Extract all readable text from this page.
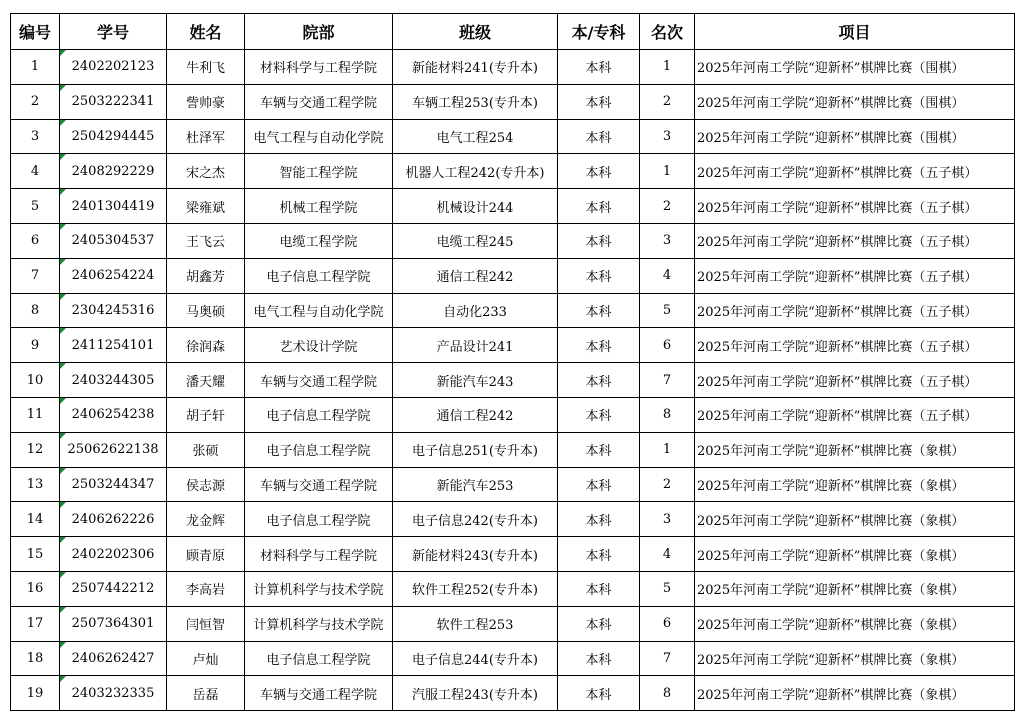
编号	学号	姓名	院部	班级	本/专科	名次	项目
1	2402202123	牛利飞	材料科学与工程学院	新能材料241(专升本)	本科	1	2025年河南工学院“迎新杯”棋牌比赛（围棋）
2	2503222341	訾帅豪	车辆与交通工程学院	车辆工程253(专升本)	本科	2	2025年河南工学院“迎新杯”棋牌比赛（围棋）
3	2504294445	杜泽军	电气工程与自动化学院	电气工程254	本科	3	2025年河南工学院“迎新杯”棋牌比赛（围棋）
4	2408292229	宋之杰	智能工程学院	机器人工程242(专升本)	本科	1	2025年河南工学院“迎新杯”棋牌比赛（五子棋）
5	2401304419	梁雍斌	机械工程学院	机械设计244	本科	2	2025年河南工学院“迎新杯”棋牌比赛（五子棋）
6	2405304537	王飞云	电缆工程学院	电缆工程245	本科	3	2025年河南工学院“迎新杯”棋牌比赛（五子棋）
7	2406254224	胡鑫芳	电子信息工程学院	通信工程242	本科	4	2025年河南工学院“迎新杯”棋牌比赛（五子棋）
8	2304245316	马奥硕	电气工程与自动化学院	自动化233	本科	5	2025年河南工学院“迎新杯”棋牌比赛（五子棋）
9	2411254101	徐润森	艺术设计学院	产品设计241	本科	6	2025年河南工学院“迎新杯”棋牌比赛（五子棋）
10	2403244305	潘天耀	车辆与交通工程学院	新能汽车243	本科	7	2025年河南工学院“迎新杯”棋牌比赛（五子棋）
11	2406254238	胡子轩	电子信息工程学院	通信工程242	本科	8	2025年河南工学院“迎新杯”棋牌比赛（五子棋）
12	25062622138	张硕	电子信息工程学院	电子信息251(专升本)	本科	1	2025年河南工学院“迎新杯”棋牌比赛（象棋）
13	2503244347	侯志源	车辆与交通工程学院	新能汽车253	本科	2	2025年河南工学院“迎新杯”棋牌比赛（象棋）
14	2406262226	龙金辉	电子信息工程学院	电子信息242(专升本)	本科	3	2025年河南工学院“迎新杯”棋牌比赛（象棋）
15	2402202306	顾青原	材料科学与工程学院	新能材料243(专升本)	本科	4	2025年河南工学院“迎新杯”棋牌比赛（象棋）
16	2507442212	李高岩	计算机科学与技术学院	软件工程252(专升本)	本科	5	2025年河南工学院“迎新杯”棋牌比赛（象棋）
17	2507364301	闫恒智	计算机科学与技术学院	软件工程253	本科	6	2025年河南工学院“迎新杯”棋牌比赛（象棋）
18	2406262427	卢灿	电子信息工程学院	电子信息244(专升本)	本科	7	2025年河南工学院“迎新杯”棋牌比赛（象棋）
19	2403232335	岳磊	车辆与交通工程学院	汽服工程243(专升本)	本科	8	2025年河南工学院“迎新杯”棋牌比赛（象棋）
